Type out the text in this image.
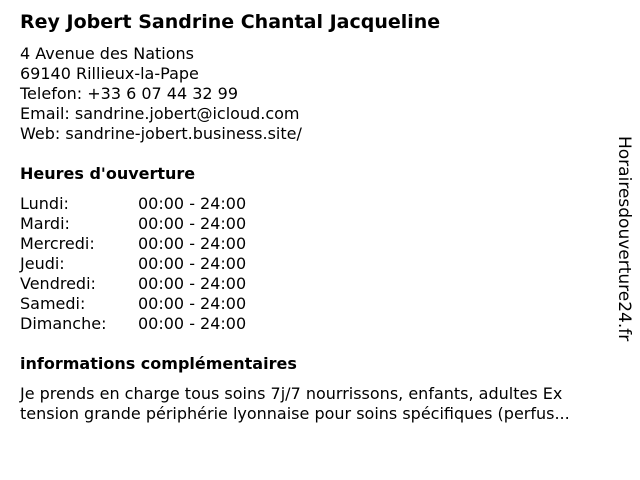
Rey Jobert Sandrine Chantal Jacqueline
4 Avenue des Nations
69140 Rillieux-la-Pape
Telefon: +33 6 07 44 32 99
Email: sandrine.jobert@icloud.com
Web: sandrine-jobert.business.site/
Heures d'ouverture
Lundi:	00:00 - 24:00
Mardi:	00:00 - 24:00
Mercredi:	00:00 - 24:00
Jeudi:	00:00 - 24:00
Vendredi:	00:00 - 24:00
Samedi:	00:00 - 24:00
Dimanche:	00:00 - 24:00
informations complémentaires
Je prends en charge tous soins 7j/7 nourrissons, enfants, adultes Ex
tension grande périphérie lyonnaise pour soins spécifiques (perfus...
Horairesdouverture24.fr
